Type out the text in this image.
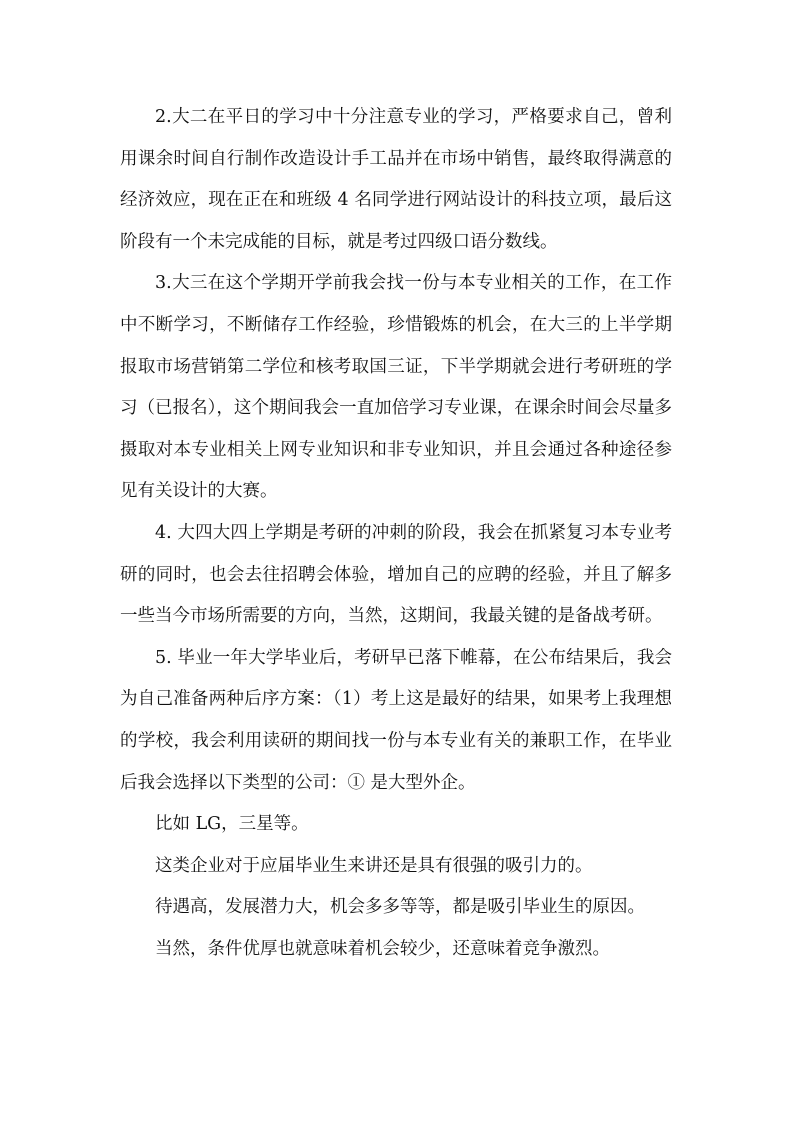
2.大二在平日的学习中十分注意专业的学习，严格要求自己，曾利用课余时间自行制作改造设计手工品并在市场中销售，最终取得满意的经济效应，现在正在和班级 4 名同学进行网站设计的科技立项，最后这阶段有一个未完成能的目标，就是考过四级口语分数线。

3.大三在这个学期开学前我会找一份与本专业相关的工作，在工作中不断学习，不断储存工作经验，珍惜锻炼的机会，在大三的上半学期报取市场营销第二学位和核考取国三证，下半学期就会进行考研班的学习（已报名），这个期间我会一直加倍学习专业课，在课余时间会尽量多摄取对本专业相关上网专业知识和非专业知识，并且会通过各种途径参见有关设计的大赛。

4. 大四大四上学期是考研的冲刺的阶段，我会在抓紧复习本专业考研的同时，也会去往招聘会体验，增加自己的应聘的经验，并且了解多一些当今市场所需要的方向，当然，这期间，我最关键的是备战考研。

5. 毕业一年大学毕业后，考研早已落下帷幕，在公布结果后，我会为自己准备两种后序方案：（1）考上这是最好的结果，如果考上我理想的学校，我会利用读研的期间找一份与本专业有关的兼职工作，在毕业后我会选择以下类型的公司：① 是大型外企。

比如 LG，三星等。

这类企业对于应届毕业生来讲还是具有很强的吸引力的。

待遇高，发展潜力大，机会多多等等，都是吸引毕业生的原因。

当然，条件优厚也就意味着机会较少，还意味着竞争激烈。
